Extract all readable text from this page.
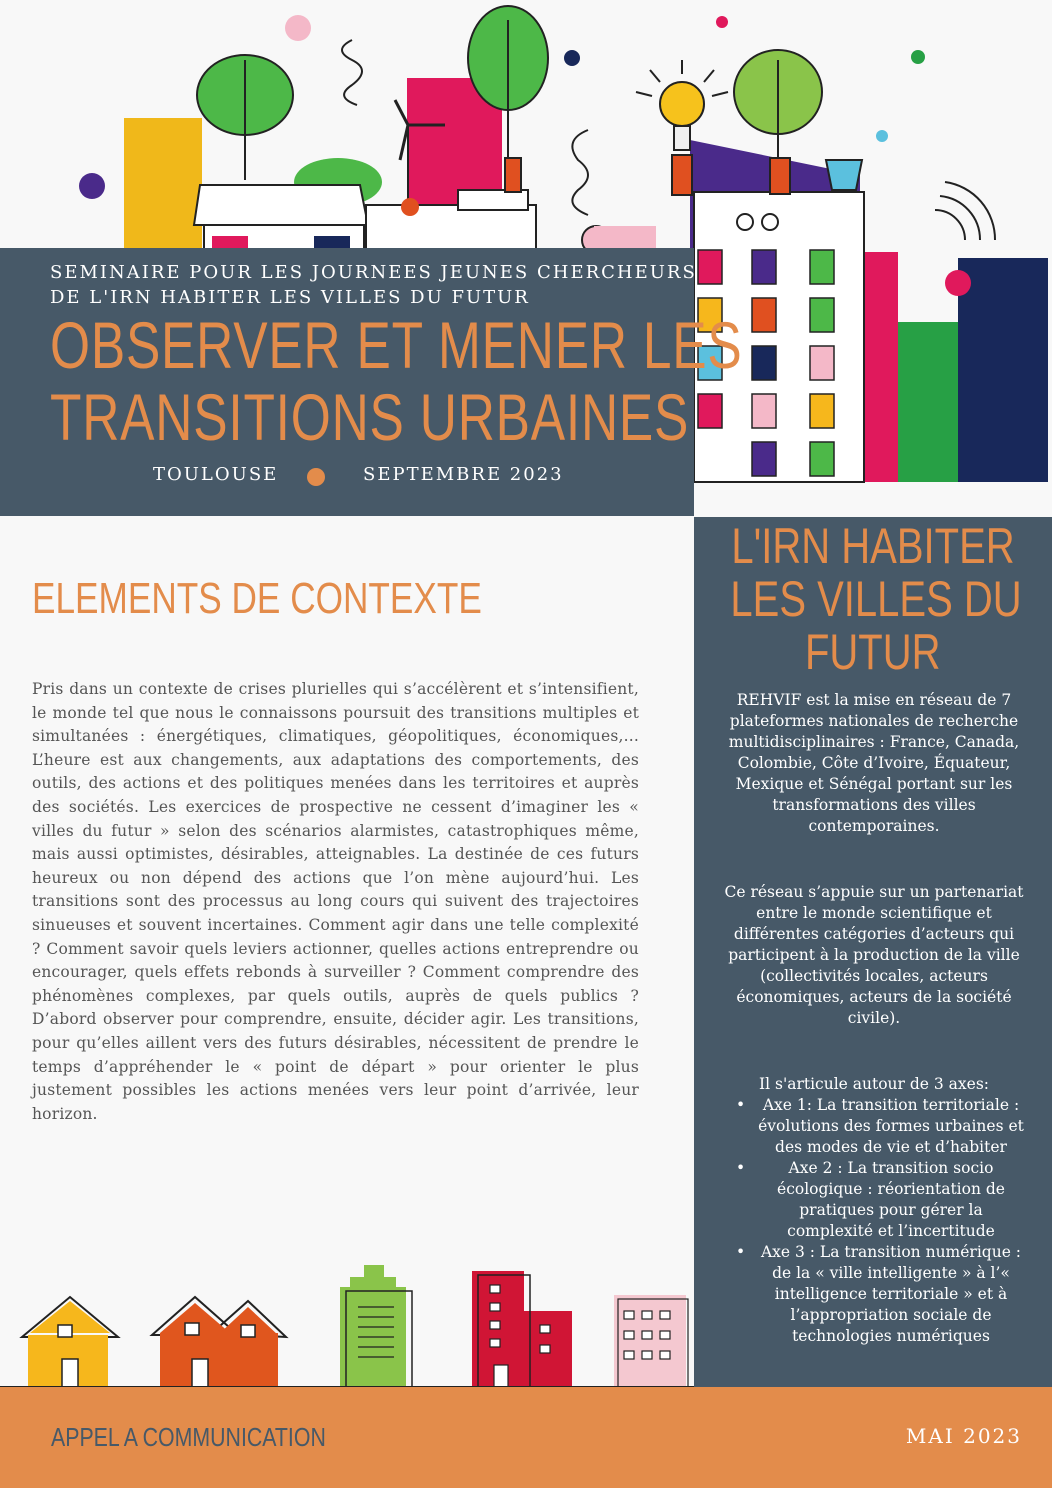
SEMINAIRE POUR LES JOURNEES JEUNES CHERCHEURS
DE L'IRN HABITER LES VILLES DU FUTUR
OBSERVER ET MENER LES
TRANSITIONS URBAINES
TOULOUSE	SEPTEMBRE 2023
ELEMENTS DE CONTEXTE

Pris dans un contexte de crises plurielles qui s’accélèrent et s’intensifient, le monde tel que nous le connaissons poursuit des transitions multiples et simultanées : énergétiques, climatiques, géopolitiques, économiques,... L’heure est aux changements, aux adaptations des comportements, des outils, des actions et des politiques menées dans les territoires et auprès des sociétés. Les exercices de prospective ne cessent d’imaginer les « villes du futur » selon des scénarios alarmistes, catastrophiques même, mais aussi optimistes, désirables, atteignables. La destinée de ces futurs heureux ou non dépend des actions que l’on mène aujourd’hui. Les transitions sont des processus au long cours qui suivent des trajectoires sinueuses et souvent incertaines. Comment agir dans une telle complexité ? Comment savoir quels leviers actionner, quelles actions entreprendre ou encourager, quels effets rebonds à surveiller ? Comment comprendre des phénomènes complexes, par quels outils, auprès de quels publics ? D’abord observer pour comprendre, ensuite, décider agir. Les transitions, pour qu’elles aillent vers des futurs désirables, nécessitent de prendre le temps d’appréhender le « point de départ » pour orienter le plus justement possibles les actions menées vers leur point d’arrivée, leur horizon.

L'IRN HABITER
LES VILLES DU
FUTUR
REHVIF est la mise en réseau de 7 plateformes nationales de recherche multidisciplinaires : France, Canada, Colombie, Côte d’Ivoire, Équateur, Mexique et Sénégal portant sur les transformations des villes contemporaines.
Ce réseau s’appuie sur un partenariat entre le monde scientifique et différentes catégories d’acteurs qui participent à la production de la ville (collectivités locales, acteurs économiques, acteurs de la société civile).
Il s'articule autour de 3 axes:
• Axe 1: La transition territoriale : évolutions des formes urbaines et des modes de vie et d’habiter
•	Axe 2 : La transition socio écologique : réorientation de pratiques pour gérer la complexité et l’incertitude
• Axe 3 : La transition numérique : de la « ville intelligente » à l’« intelligence territoriale » et à l’appropriation sociale de technologies numériques
APPEL A COMMUNICATION	MAI 2023
